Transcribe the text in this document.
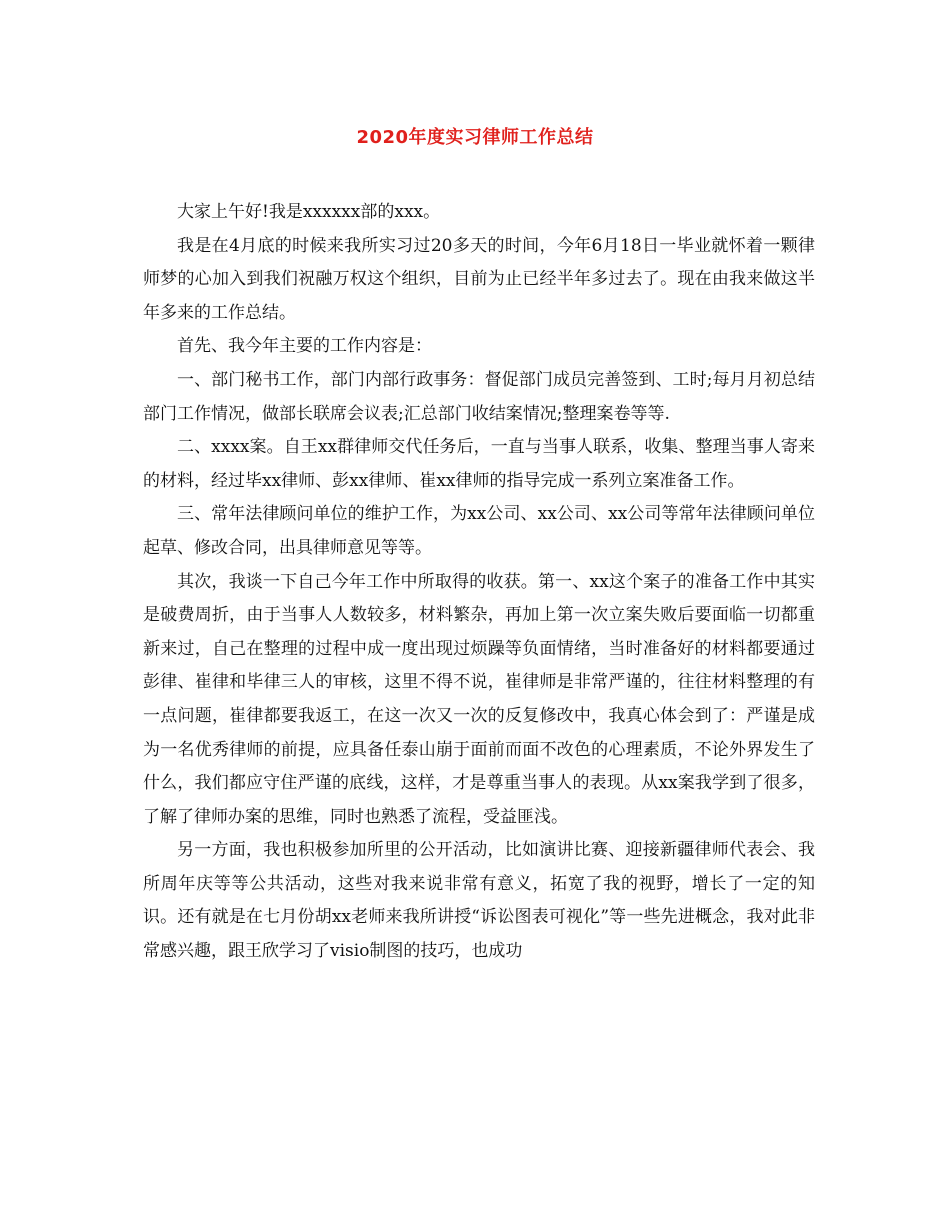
2020年度实习律师工作总结

大家上午好!我是xxxxxx部的xxx。

我是在4月底的时候来我所实习过20多天的时间，今年6月18日一毕业就怀着一颗律师梦的心加入到我们祝融万权这个组织，目前为止已经半年多过去了。现在由我来做这半年多来的工作总结。

首先、我今年主要的工作内容是：

一、部门秘书工作，部门内部行政事务：督促部门成员完善签到、工时;每月月初总结部门工作情况，做部长联席会议表;汇总部门收结案情况;整理案卷等等.

二、xxxx案。自王xx群律师交代任务后，一直与当事人联系，收集、整理当事人寄来的材料，经过毕xx律师、彭xx律师、崔xx律师的指导完成一系列立案准备工作。

三、常年法律顾问单位的维护工作，为xx公司、xx公司、xx公司等常年法律顾问单位起草、修改合同，出具律师意见等等。

其次，我谈一下自己今年工作中所取得的收获。第一、xx这个案子的准备工作中其实是破费周折，由于当事人人数较多，材料繁杂，再加上第一次立案失败后要面临一切都重新来过，自己在整理的过程中成一度出现过烦躁等负面情绪，当时准备好的材料都要通过彭律、崔律和毕律三人的审核，这里不得不说，崔律师是非常严谨的，往往材料整理的有一点问题，崔律都要我返工，在这一次又一次的反复修改中，我真心体会到了：严谨是成为一名优秀律师的前提，应具备任泰山崩于面前而面不改色的心理素质，不论外界发生了什么，我们都应守住严谨的底线，这样，才是尊重当事人的表现。从xx案我学到了很多，了解了律师办案的思维，同时也熟悉了流程，受益匪浅。

另一方面，我也积极参加所里的公开活动，比如演讲比赛、迎接新疆律师代表会、我所周年庆等等公共活动，这些对我来说非常有意义，拓宽了我的视野，增长了一定的知识。还有就是在七月份胡xx老师来我所讲授“诉讼图表可视化”等一些先进概念，我对此非常感兴趣，跟王欣学习了visio制图的技巧，也成功
